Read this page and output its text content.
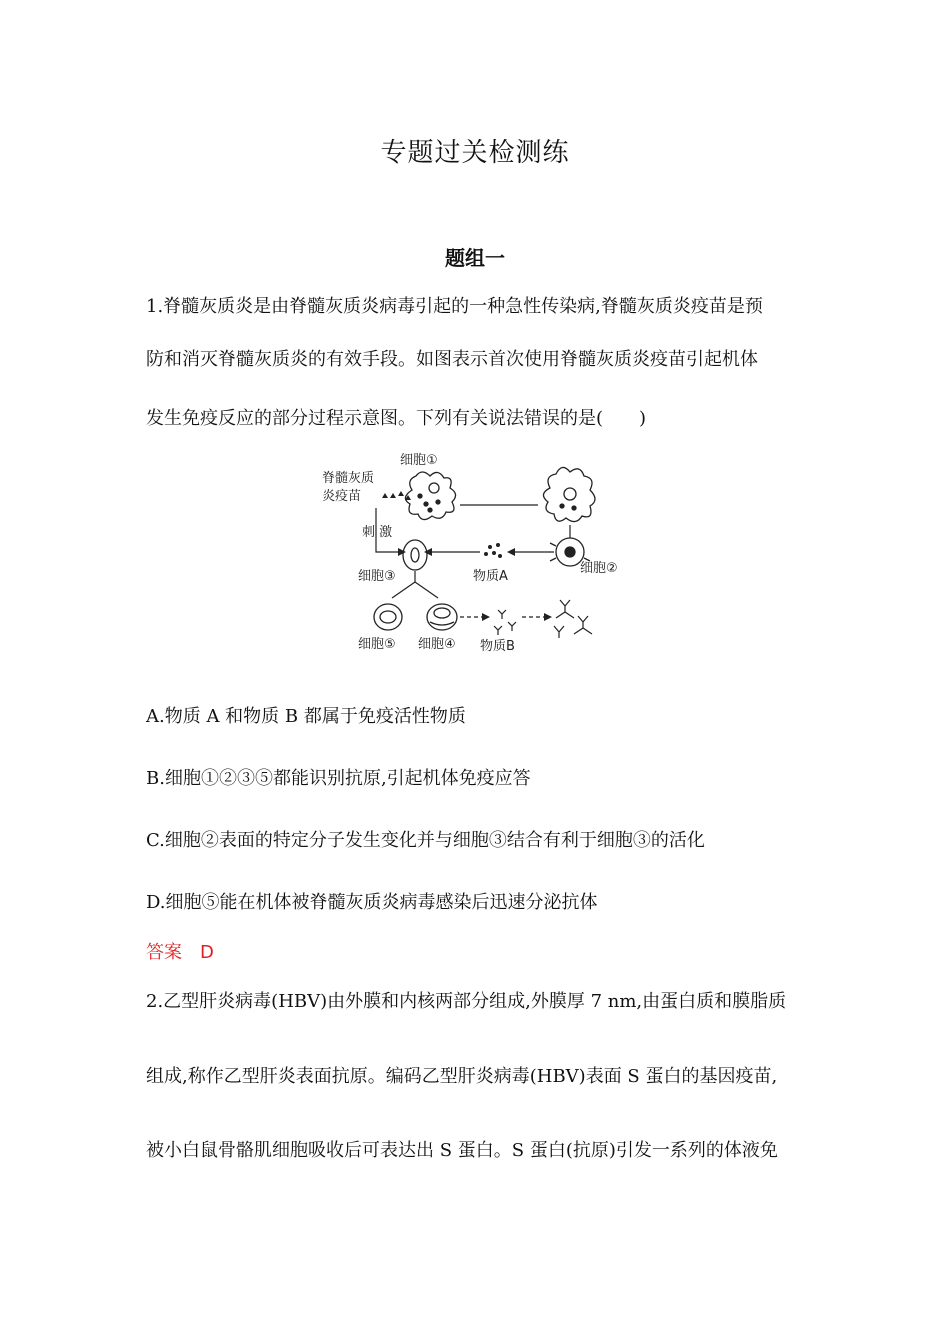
专题过关检测练
题组一
1.脊髓灰质炎是由脊髓灰质炎病毒引起的一种急性传染病,脊髓灰质炎疫苗是预
防和消灭脊髓灰质炎的有效手段。如图表示首次使用脊髓灰质炎疫苗引起机体
发生免疫反应的部分过程示意图。下列有关说法错误的是(　　)
细胞①
脊髓灰质
炎疫苗
刺 激
细胞③	物质A
细胞②
细胞⑤ 细胞④ 物质B
A.物质 A 和物质 B 都属于免疫活性物质
B.细胞①②③⑤都能识别抗原,引起机体免疫应答
C.细胞②表面的特定分子发生变化并与细胞③结合有利于细胞③的活化
D.细胞⑤能在机体被脊髓灰质炎病毒感染后迅速分泌抗体
答案　 D
2.乙型肝炎病毒(HBV)由外膜和内核两部分组成,外膜厚 7 nm,由蛋白质和膜脂质
组成,称作乙型肝炎表面抗原。编码乙型肝炎病毒(HBV)表面 S 蛋白的基因疫苗,
被小白鼠骨骼肌细胞吸收后可表达出 S 蛋白。S 蛋白(抗原)引发一系列的体液免
